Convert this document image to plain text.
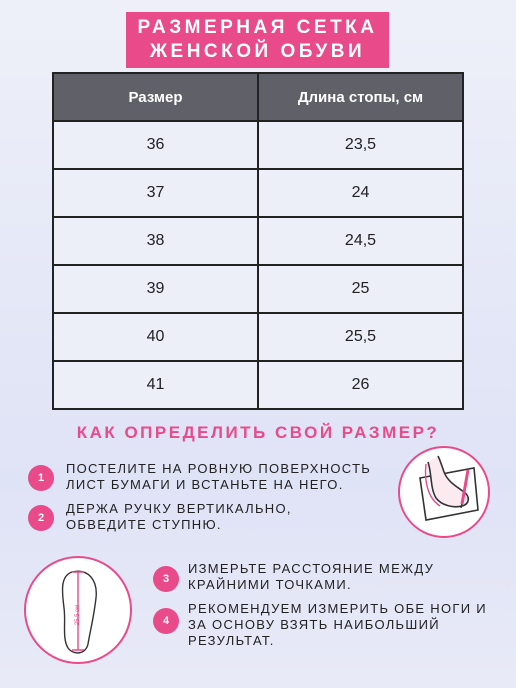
РАЗМЕРНАЯ СЕТКА
ЖЕНСКОЙ ОБУВИ
Размер	Длина стопы, см
36	23,5
37	24
38	24,5
39	25
40	25,5
41	26
КАК ОПРЕДЕЛИТЬ СВОЙ РАЗМЕР?
1
ПОСТЕЛИТЕ НА РОВНУЮ ПОВЕРХНОСТЬ
ЛИСТ БУМАГИ И ВСТАНЬТЕ НА НЕГО.
2
ДЕРЖА РУЧКУ ВЕРТИКАЛЬНО,
ОБВЕДИТЕ СТУПНЮ.
25,5 см
3
ИЗМЕРЬТЕ РАССТОЯНИЕ МЕЖДУ
КРАЙНИМИ ТОЧКАМИ.
4
РЕКОМЕНДУЕМ ИЗМЕРИТЬ ОБЕ НОГИ И
ЗА ОСНОВУ ВЗЯТЬ НАИБОЛЬШИЙ
РЕЗУЛЬТАТ.
